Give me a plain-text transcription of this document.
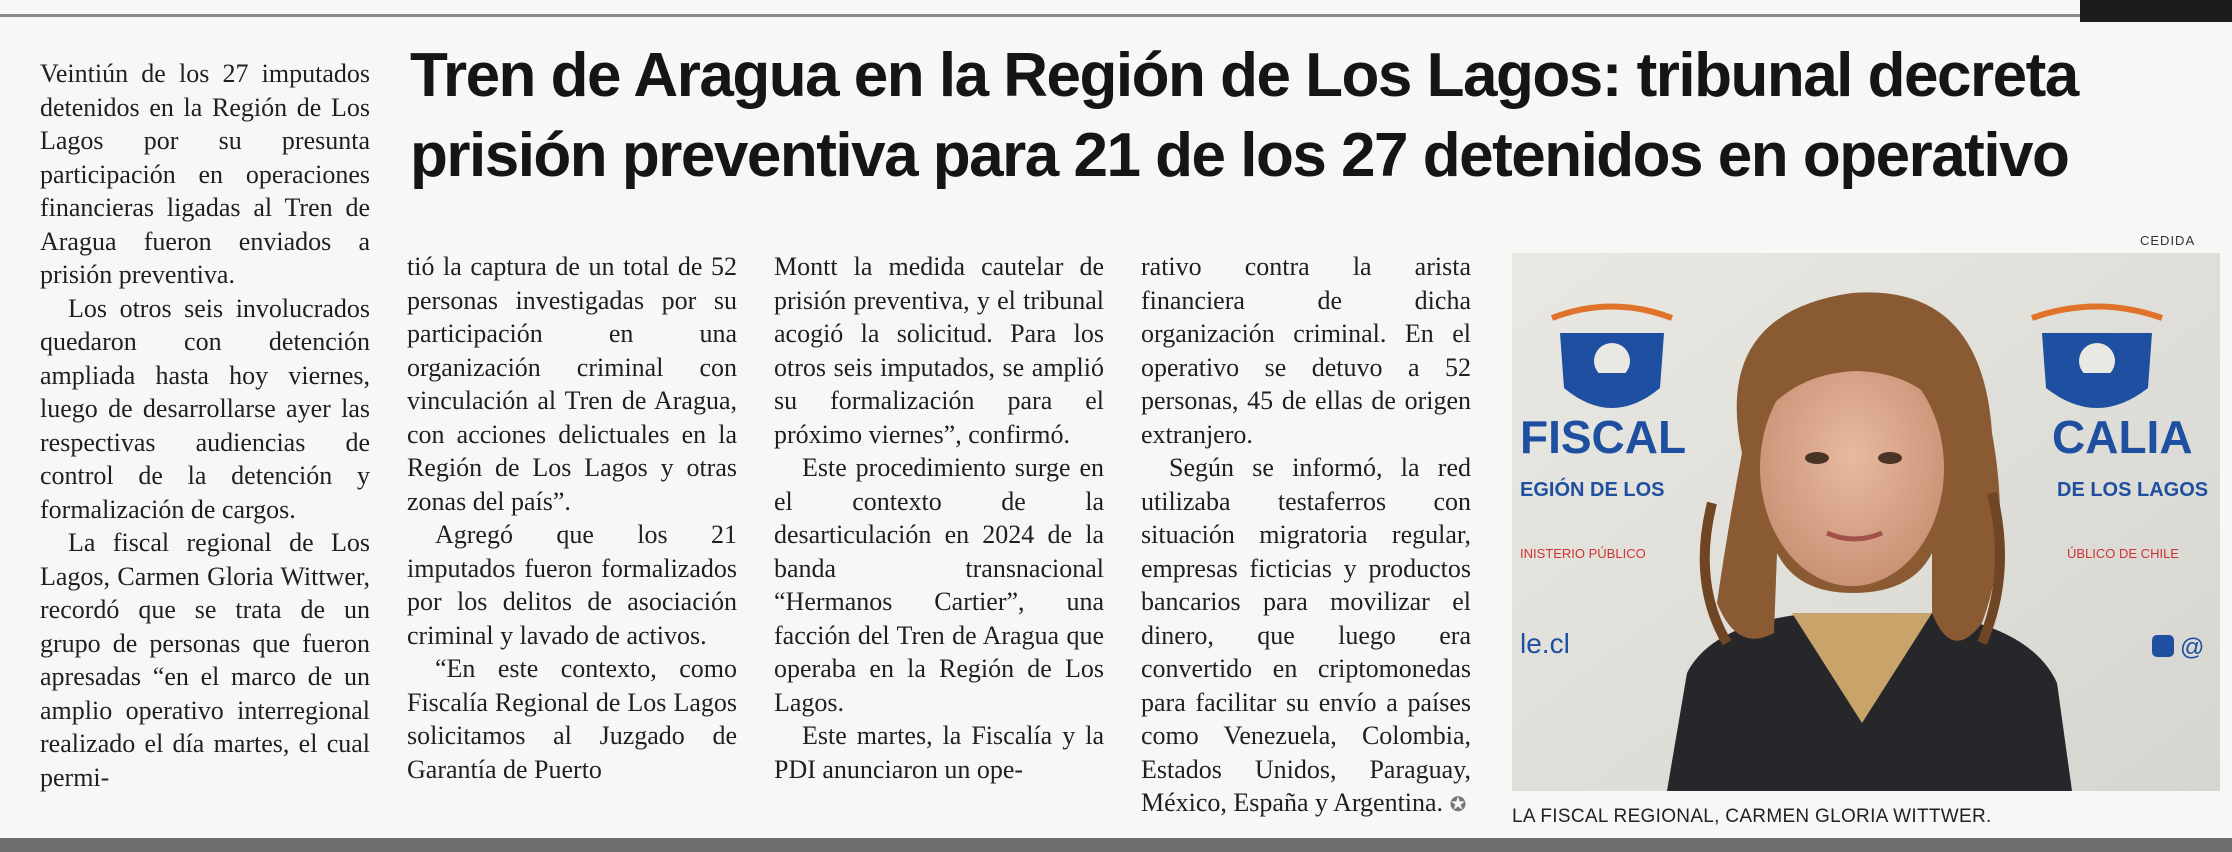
Tren de Aragua en la Región de Los Lagos: tribunal decreta
prisión preventiva para 21 de los 27 detenidos en operativo

Veintiún de los 27 imputados detenidos en la Región de Los Lagos por su presunta participación en operaciones financieras ligadas al Tren de Aragua fueron enviados a prisión preventiva.

Los otros seis involucrados quedaron con detención ampliada hasta hoy viernes, luego de desarrollarse ayer las respectivas audiencias de control de la detención y formalización de cargos.

La fiscal regional de Los Lagos, Carmen Gloria Wittwer, recordó que se trata de un grupo de personas que fueron apresadas “en el marco de un amplio operativo interregional realizado el día martes, el cual permi-

tió la captura de un total de 52 personas investigadas por su participación en una organización criminal con vinculación al Tren de Aragua, con acciones delictuales en la Región de Los Lagos y otras zonas del país”.

Agregó que los 21 imputados fueron formalizados por los delitos de asociación criminal y lavado de activos.

“En este contexto, como Fiscalía Regional de Los Lagos solicitamos al Juzgado de Garantía de Puerto

Montt la medida cautelar de prisión preventiva, y el tribunal acogió la solicitud. Para los otros seis imputados, se amplió su formalización para el próximo viernes”, confirmó.

Este procedimiento surge en el contexto de la desarticulación en 2024 de la banda transnacional “Hermanos Cartier”, una facción del Tren de Aragua que operaba en la Región de Los Lagos.

Este martes, la Fiscalía y la PDI anunciaron un ope-

rativo contra la arista financiera de dicha organización criminal. En el operativo se detuvo a 52 personas, 45 de ellas de origen extranjero.

Según se informó, la red utilizaba testaferros con situación migratoria regular, empresas ficticias y productos bancarios para movilizar el dinero, que luego era convertido en criptomonedas para facilitar su envío a países como Venezuela, Colombia, Estados Unidos, Paraguay, México, España y Argentina. ✪

CEDIDA
FISCAL
EGIÓN DE LOS
INISTERIO PÚBLICO
le.cl
CALIA
DE LOS LAGOS
ÚBLICO DE CHILE
@
LA FISCAL REGIONAL, CARMEN GLORIA WITTWER.
